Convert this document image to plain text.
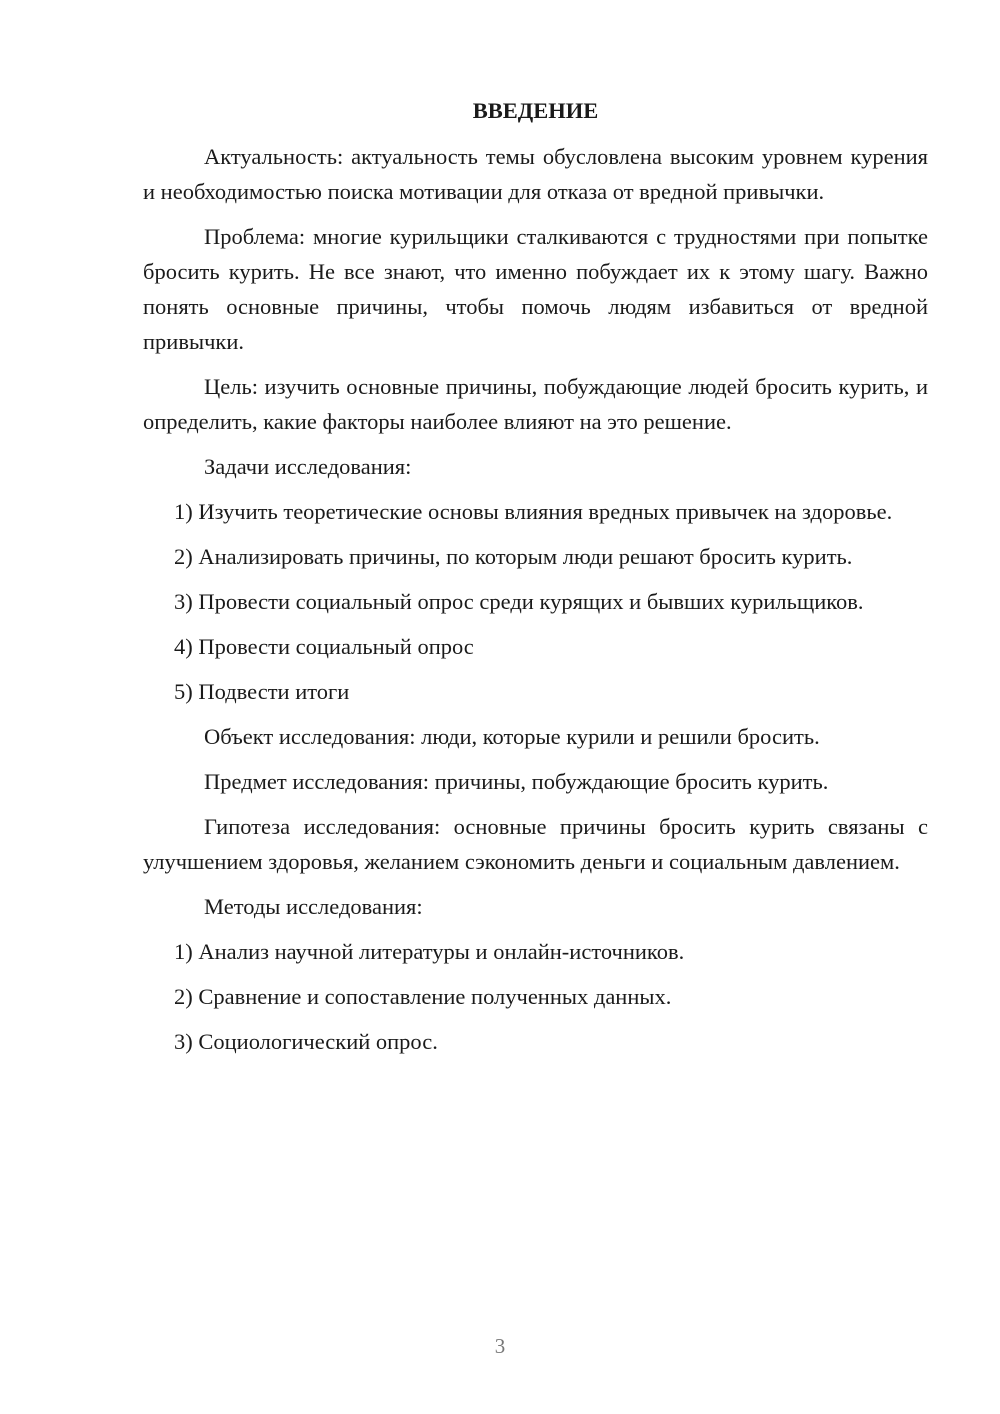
ВВЕДЕНИЕ

Актуальность: актуальность темы обусловлена высоким уровнем курения и необходимостью поиска мотивации для отказа от вредной привычки.

Проблема: многие курильщики сталкиваются с трудностями при попытке бросить курить. Не все знают, что именно побуждает их к этому шагу. Важно понять основные причины, чтобы помочь людям избавиться от вредной привычки.

Цель: изучить основные причины, побуждающие людей бросить курить, и определить, какие факторы наиболее влияют на это решение.

Задачи исследования:

1) Изучить теоретические основы влияния вредных привычек на здоровье.

2) Анализировать причины, по которым люди решают бросить курить.

3) Провести социальный опрос среди курящих и бывших курильщиков.

4) Провести социальный опрос

5) Подвести итоги

Объект исследования: люди, которые курили и решили бросить.

Предмет исследования: причины, побуждающие бросить курить.

Гипотеза исследования: основные причины бросить курить связаны с улучшением здоровья, желанием сэкономить деньги и социальным давлением.

Методы исследования:

1) Анализ научной литературы и онлайн-источников.

2) Сравнение и сопоставление полученных данных.

3) Социологический опрос.

3
